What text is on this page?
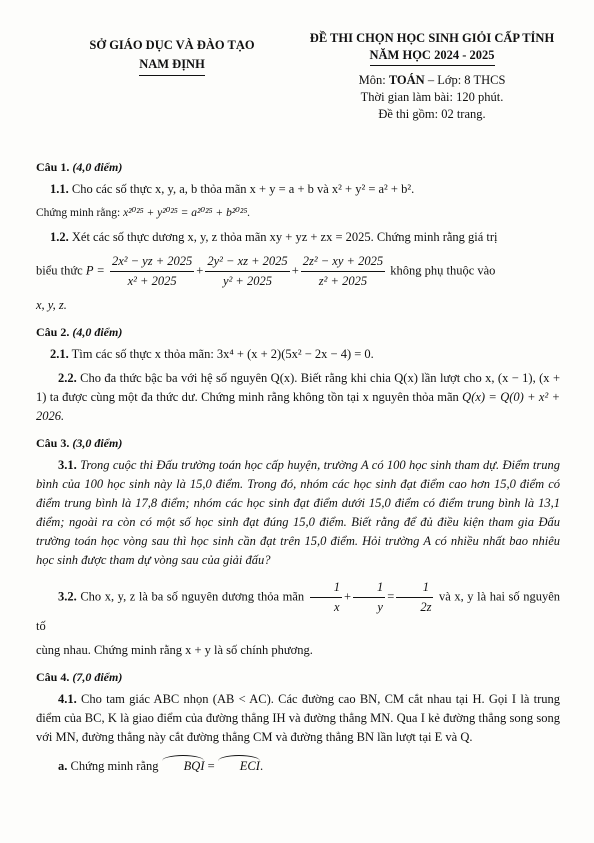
SỞ GIÁO DỤC VÀ ĐÀO TẠO
NAM ĐỊNH
ĐỀ THI CHỌN HỌC SINH GIỎI CẤP TỈNH
NĂM HỌC 2024 - 2025
Môn: TOÁN – Lớp: 8 THCS
Thời gian làm bài: 120 phút.
Đề thi gồm: 02 trang.
Câu 1. (4,0 điểm)

1.1. Cho các số thực x, y, a, b thỏa mãn x + y = a + b và x² + y² = a² + b².

Chứng minh rằng: x²⁰²⁵ + y²⁰²⁵ = a²⁰²⁵ + b²⁰²⁵.

1.2. Xét các số thực dương x, y, z thỏa mãn xy + yz + zx = 2025. Chứng minh rằng giá trị

biểu thức $P = \frac{\text{2x² − yz + 2025}}{\text{x² + 2025}} + \frac{\text{2y² − xz + 2025}}{\text{y² + 2025}} + \frac{\text{2z² − xy + 2025}}{\text{z² + 2025}}$ không phụ thuộc vào

x, y, z.

Câu 2. (4,0 điểm)

2.1. Tìm các số thực x thỏa mãn: 3x⁴ + (x + 2)(5x² − 2x − 4) = 0.

2.2. Cho đa thức bậc ba với hệ số nguyên Q(x). Biết rằng khi chia Q(x) lần lượt cho x, (x − 1), (x + 1) ta được cùng một đa thức dư. Chứng minh rằng không tồn tại x nguyên thỏa mãn Q(x) = Q(0) + x² + 2026.

Câu 3. (3,0 điểm)

3.1. Trong cuộc thi Đấu trường toán học cấp huyện, trường A có 100 học sinh tham dự. Điểm trung bình của 100 học sinh này là 15,0 điểm. Trong đó, nhóm các học sinh đạt điểm cao hơn 15,0 điểm có điểm trung bình là 17,8 điểm; nhóm các học sinh đạt điểm dưới 15,0 điểm có điểm trung bình là 13,1 điểm; ngoài ra còn có một số học sinh đạt đúng 15,0 điểm. Biết rằng để đủ điều kiện tham gia Đấu trường toán học vòng sau thì học sinh cần đạt trên 15,0 điểm. Hỏi trường A có nhiều nhất bao nhiêu học sinh được tham dự vòng sau của giải đấu?

3.2. Cho x, y, z là ba số nguyên dương thỏa mãn $\frac{1}{x} + \frac{1}{y} = \frac{1}{2z}$ và x, y là hai số nguyên tố

cùng nhau. Chứng minh rằng x + y là số chính phương.

Câu 4. (7,0 điểm)

4.1. Cho tam giác ABC nhọn (AB < AC). Các đường cao BN, CM cắt nhau tại H. Gọi I là trung điểm của BC, K là giao điểm của đường thẳng IH và đường thẳng MN. Qua I kẻ đường thẳng song song với MN, đường thẳng này cắt đường thẳng CM và đường thẳng BN lần lượt tại E và Q.

a. Chứng minh rằng BQI = ECI.
